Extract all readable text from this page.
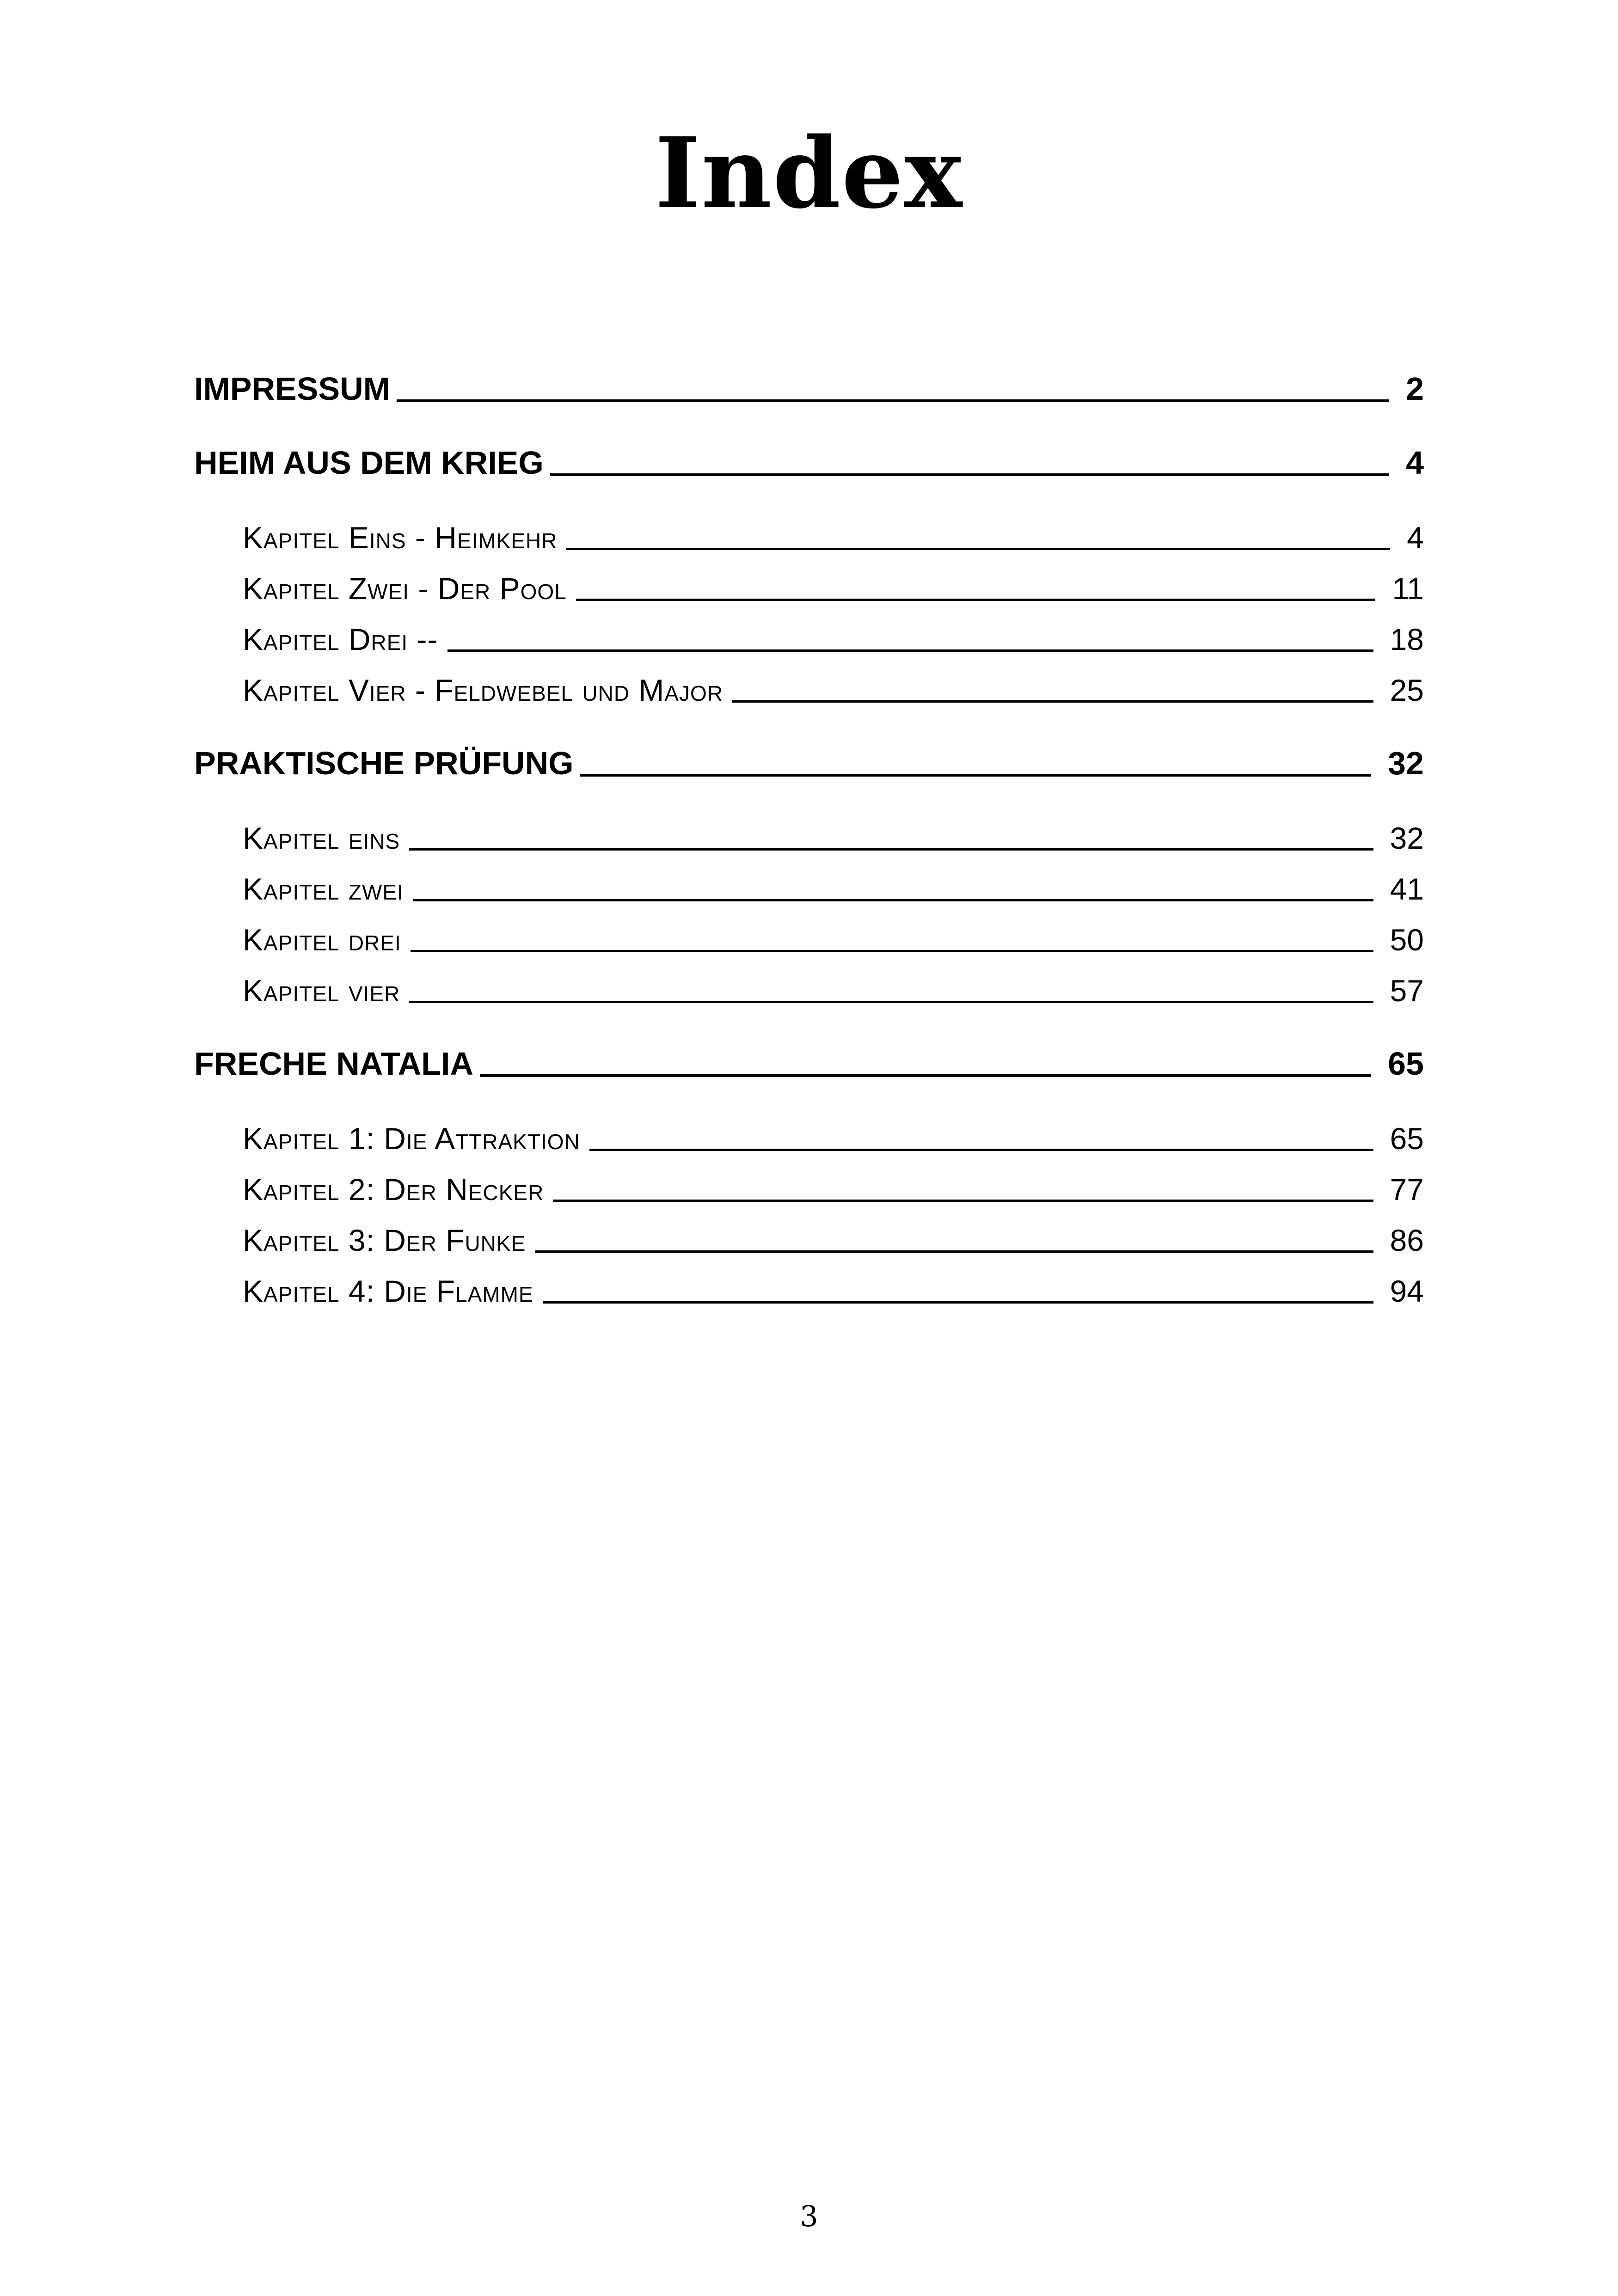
Index
IMPRESSUM	2
HEIM AUS DEM KRIEG	4
Kapitel Eins - Heimkehr	4
Kapitel Zwei - Der Pool	11
Kapitel Drei --	18
Kapitel Vier - Feldwebel und Major	25
PRAKTISCHE PRÜFUNG	32
Kapitel eins	32
Kapitel zwei	41
Kapitel drei	50
Kapitel vier	57
FRECHE NATALIA	65
Kapitel 1: Die Attraktion	65
Kapitel 2: Der Necker	77
Kapitel 3: Der Funke	86
Kapitel 4: Die Flamme	94
3
